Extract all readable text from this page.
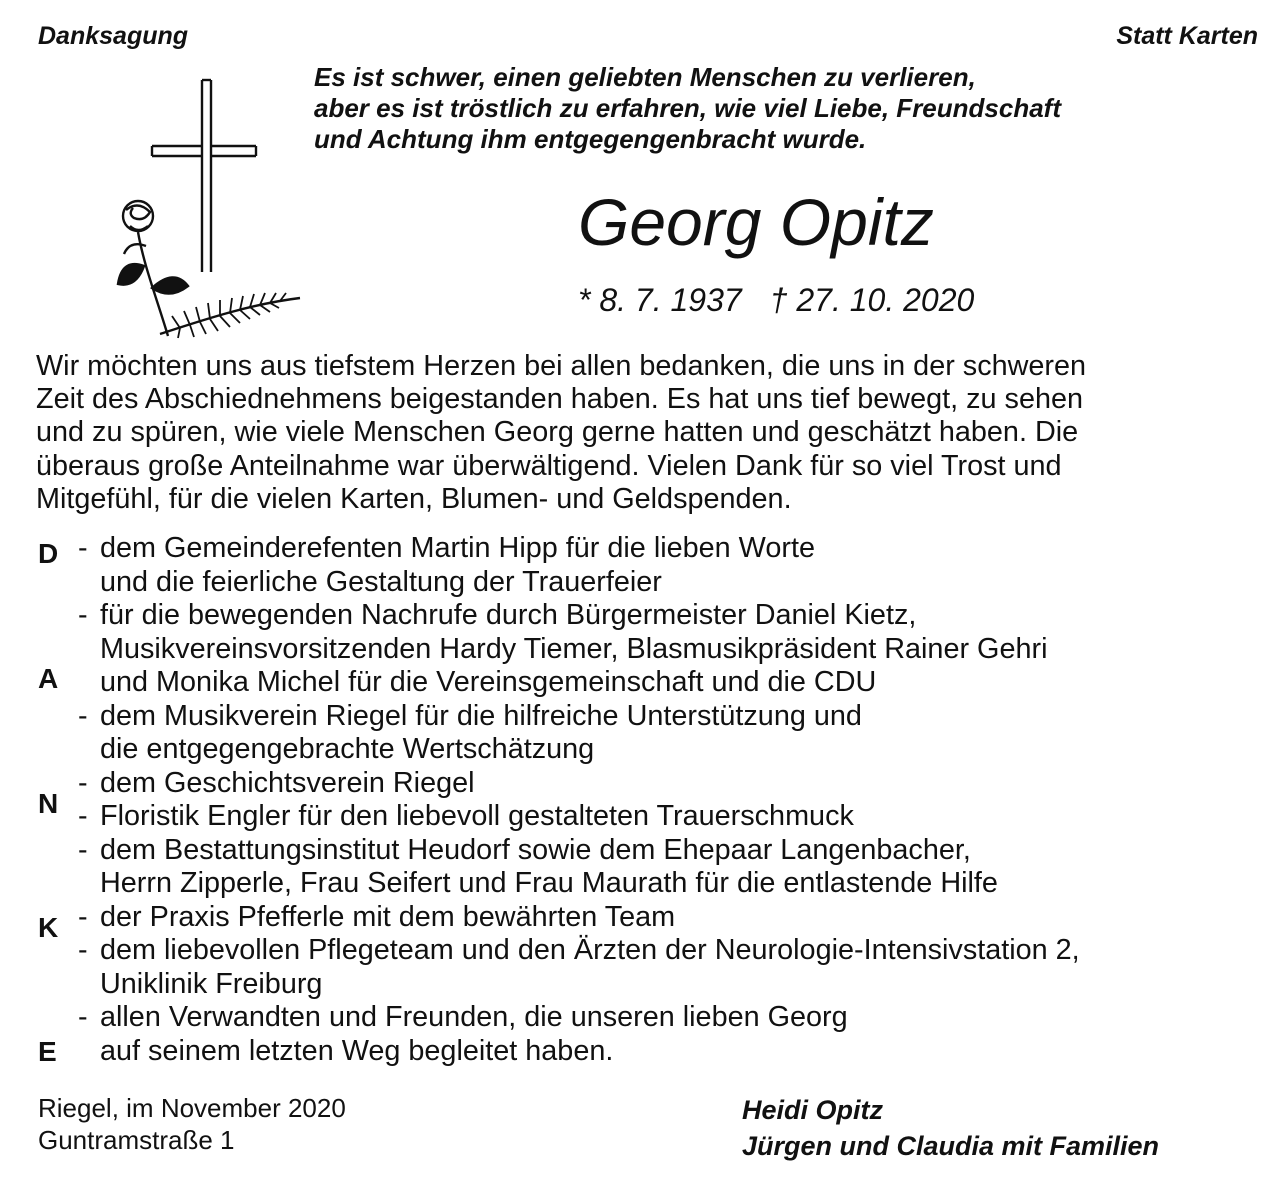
Danksagung	Statt Karten
Es ist schwer, einen geliebten Menschen zu verlieren,
aber es ist tröstlich zu erfahren, wie viel Liebe, Freundschaft
und Achtung ihm entgegengenbracht wurde.
Georg Opitz
* 8. 7. 1937 † 27. 10. 2020
Wir möchten uns aus tiefstem Herzen bei allen bedanken, die uns in der schweren
Zeit des Abschiednehmens beigestanden haben. Es hat uns tief bewegt, zu sehen
und zu spüren, wie viele Menschen Georg gerne hatten und geschätzt haben. Die
überaus große Anteilnahme war überwältigend. Vielen Dank für so viel Trost und
Mitgefühl, für die vielen Karten, Blumen- und Geldspenden.
D
A
N
K
E
- dem Gemeinderefenten Martin Hipp für die lieben Worte
und die feierliche Gestaltung der Trauerfeier
- für die bewegenden Nachrufe durch Bürgermeister Daniel Kietz,
Musikvereinsvorsitzenden Hardy Tiemer, Blasmusikpräsident Rainer Gehri
und Monika Michel für die Vereinsgemeinschaft und die CDU
- dem Musikverein Riegel für die hilfreiche Unterstützung und
die entgegengebrachte Wertschätzung
- dem Geschichtsverein Riegel
- Floristik Engler für den liebevoll gestalteten Trauerschmuck
- dem Bestattungsinstitut Heudorf sowie dem Ehepaar Langenbacher,
Herrn Zipperle, Frau Seifert und Frau Maurath für die entlastende Hilfe
- der Praxis Pfefferle mit dem bewährten Team
- dem liebevollen Pflegeteam und den Ärzten der Neurologie-Intensivstation 2,
Uniklinik Freiburg
- allen Verwandten und Freunden, die unseren lieben Georg
auf seinem letzten Weg begleitet haben.
Riegel, im November 2020
Guntramstraße 1
Heidi Opitz
Jürgen und Claudia mit Familien
